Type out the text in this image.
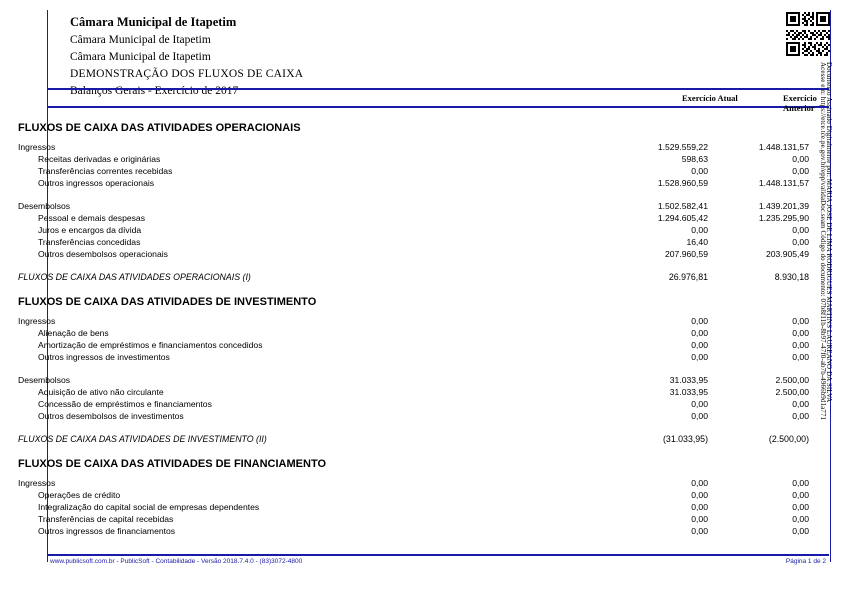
Câmara Municipal de Itapetim
Câmara Municipal de Itapetim
Câmara Municipal de Itapetim
DEMONSTRAÇÃO DOS FLUXOS DE CAIXA
Balanços Gerais - Exercício de 2017	Documento Assinado Digitalmente por: MARIA JOSE DE LIMA RODRIGUES MARTINS LAUREANO DA SILVA
Acesse em: https://etce.tce.pe.gov.br/epp/validaDoc.seam Código do documento: 07b8f11b-8b97-47f0-ab7b-4966b9d1a771
Exercício Atual	Exercício Anterior
FLUXOS DE CAIXA DAS ATIVIDADES OPERACIONAIS
Ingressos	1.529.559,22	1.448.131,57
Receitas derivadas e originárias	598,63	0,00
Transferências correntes recebidas	0,00	0,00
Outros ingressos operacionais	1.528.960,59	1.448.131,57
Desembolsos	1.502.582,41	1.439.201,39
Pessoal e demais despesas	1.294.605,42	1.235.295,90
Juros e encargos da dívida	0,00	0,00
Transferências concedidas	16,40	0,00
Outros desembolsos operacionais	207.960,59	203.905,49
FLUXOS DE CAIXA DAS ATIVIDADES OPERACIONAIS (I)	26.976,81	8.930,18
FLUXOS DE CAIXA DAS ATIVIDADES DE INVESTIMENTO
Ingressos	0,00	0,00
Alienação de bens	0,00	0,00
Amortização de empréstimos e financiamentos concedidos	0,00	0,00
Outros ingressos de investimentos	0,00	0,00
Desembolsos	31.033,95	2.500,00
Aquisição de ativo não circulante	31.033,95	2.500,00
Concessão de empréstimos e financiamentos	0,00	0,00
Outros desembolsos de investimentos	0,00	0,00
FLUXOS DE CAIXA DAS ATIVIDADES DE INVESTIMENTO (II)	(31.033,95)	(2.500,00)
FLUXOS DE CAIXA DAS ATIVIDADES DE FINANCIAMENTO
Ingressos	0,00	0,00
Operações de crédito	0,00	0,00
Integralização do capital social de empresas dependentes	0,00	0,00
Transferências de capital recebidas	0,00	0,00
Outros ingressos de financiamentos	0,00	0,00
www.publicsoft.com.br - PublicSoft - Contabilidade - Versão 2018.7.4.0 - (83)3072-4800	Página 1 de 2
